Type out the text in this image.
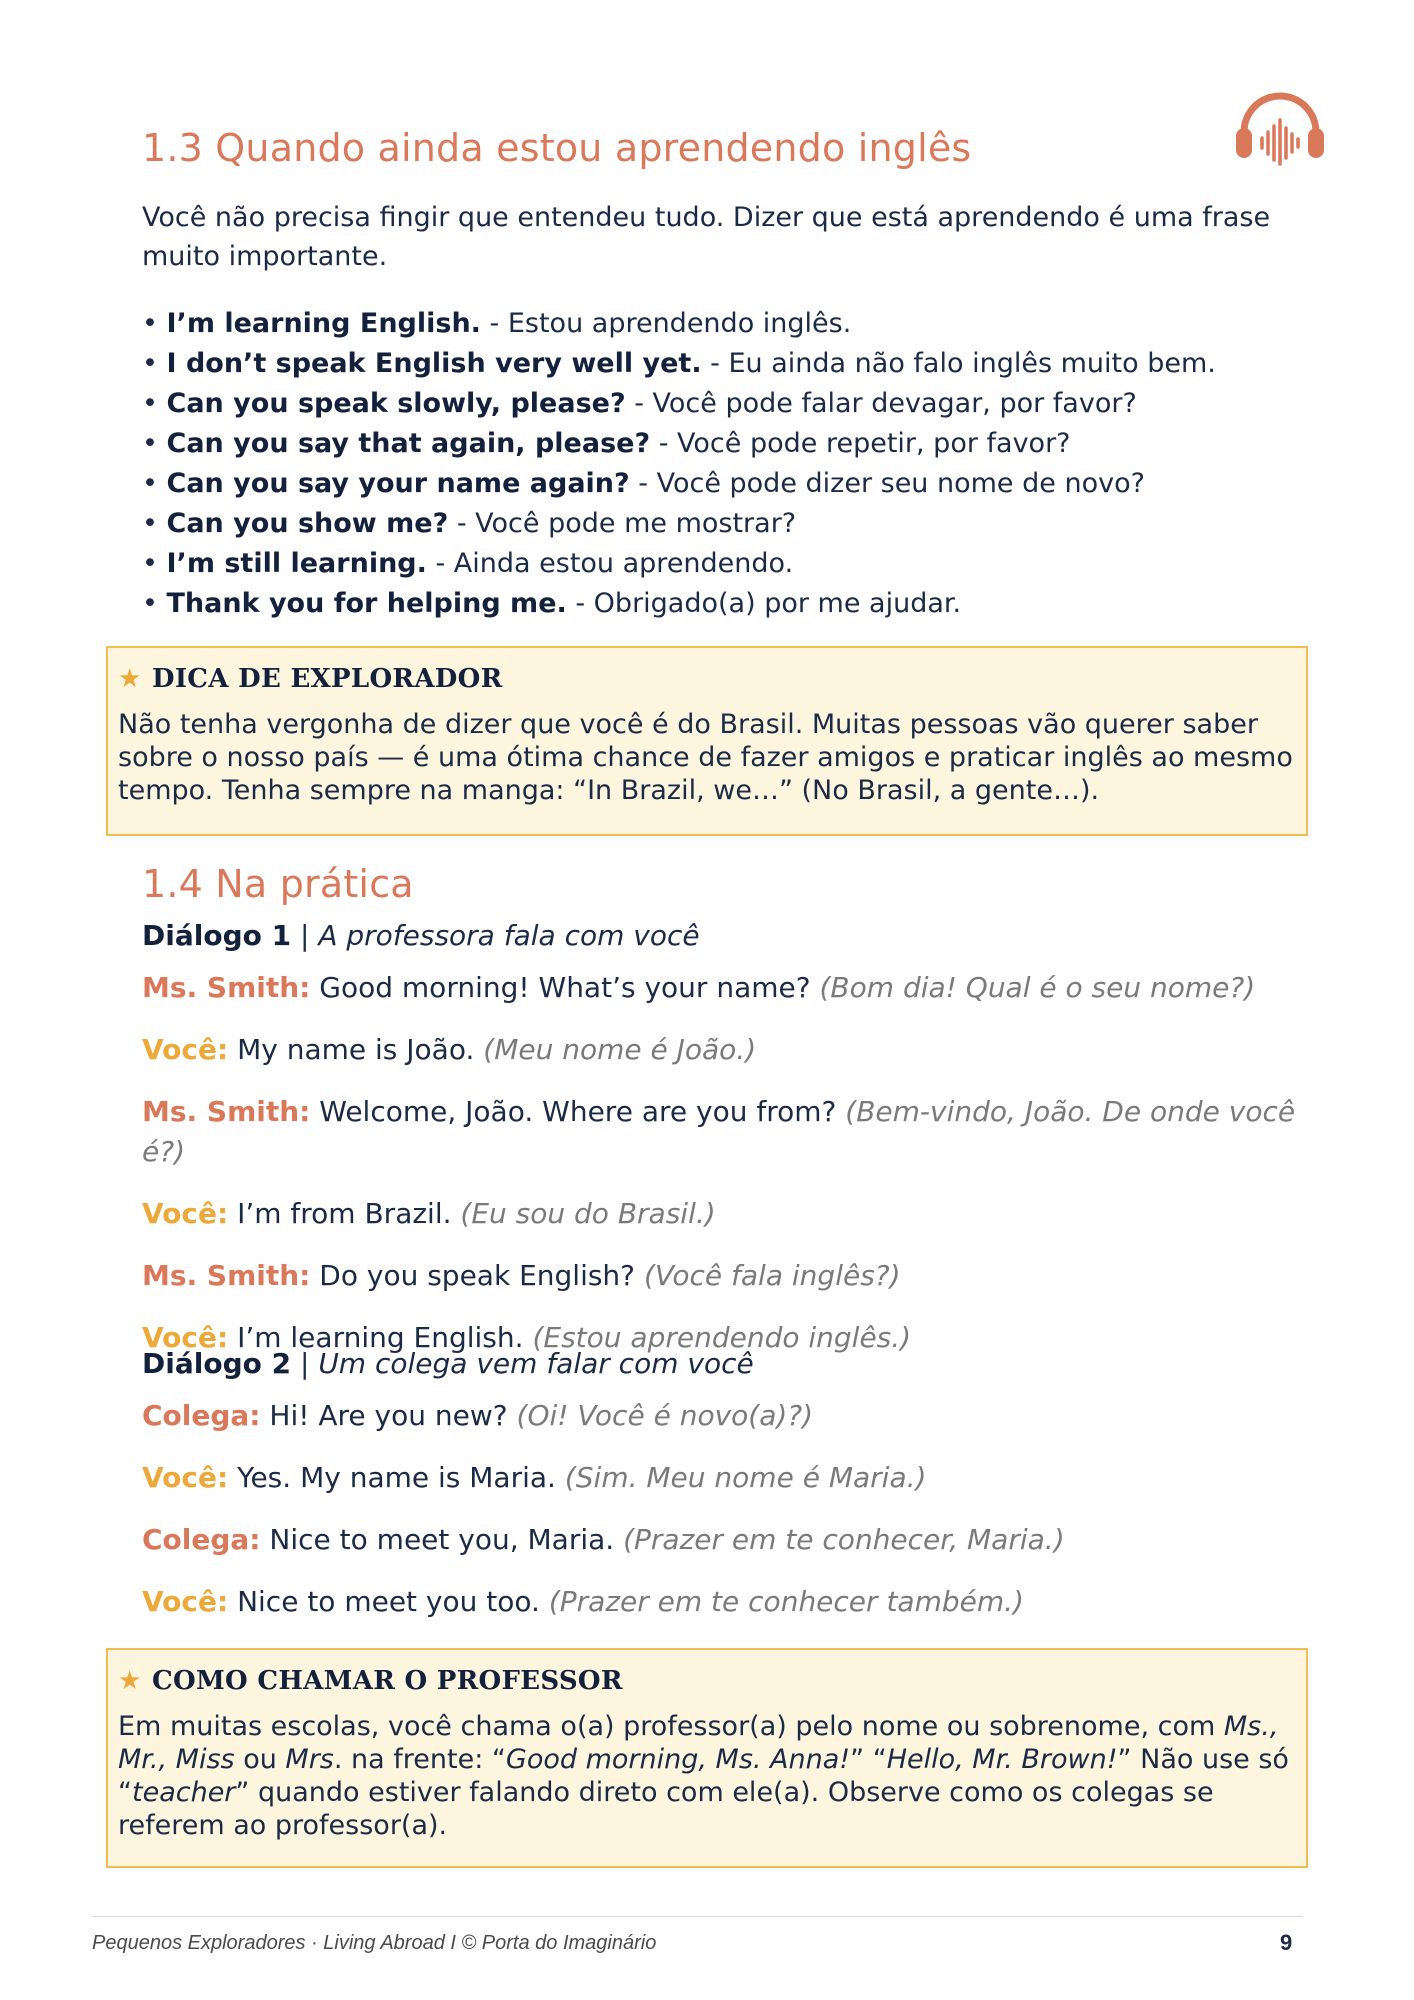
1.3 Quando ainda estou aprendendo inglês

Você não precisa fingir que entendeu tudo. Dizer que está aprendendo é uma frase muito importante.

• I’m learning English. - Estou aprendendo inglês.
• I don’t speak English very well yet. - Eu ainda não falo inglês muito bem.
• Can you speak slowly, please? - Você pode falar devagar, por favor?
• Can you say that again, please? - Você pode repetir, por favor?
• Can you say your name again? - Você pode dizer seu nome de novo?
• Can you show me? - Você pode me mostrar?
• I’m still learning. - Ainda estou aprendendo.
• Thank you for helping me. - Obrigado(a) por me ajudar.
★ DICA DE EXPLORADOR

Não tenha vergonha de dizer que você é do Brasil. Muitas pessoas vão querer saber sobre o nosso país — é uma ótima chance de fazer amigos e praticar inglês ao mesmo tempo. Tenha sempre na manga: “In Brazil, we…” (No Brasil, a gente…).

1.4 Na prática
Diálogo 1 | A professora fala com você
Ms. Smith: Good morning! What’s your name? (Bom dia! Qual é o seu nome?)
Você: My name is João. (Meu nome é João.)
Ms. Smith: Welcome, João. Where are you from? (Bem-vindo, João. De onde você é?)
Você: I’m from Brazil. (Eu sou do Brasil.)
Ms. Smith: Do you speak English? (Você fala inglês?)
Você: I’m learning English. (Estou aprendendo inglês.)
Diálogo 2 | Um colega vem falar com você
Colega: Hi! Are you new? (Oi! Você é novo(a)?)
Você: Yes. My name is Maria. (Sim. Meu nome é Maria.)
Colega: Nice to meet you, Maria. (Prazer em te conhecer, Maria.)
Você: Nice to meet you too. (Prazer em te conhecer também.)
★ COMO CHAMAR O PROFESSOR

Em muitas escolas, você chama o(a) professor(a) pelo nome ou sobrenome, com Ms., Mr., Miss ou Mrs. na frente: “Good morning, Ms. Anna!” “Hello, Mr. Brown!” Não use só “teacher” quando estiver falando direto com ele(a). Observe como os colegas se referem ao professor(a).

Pequenos Exploradores · Living Abroad I © Porta do Imaginário	9
